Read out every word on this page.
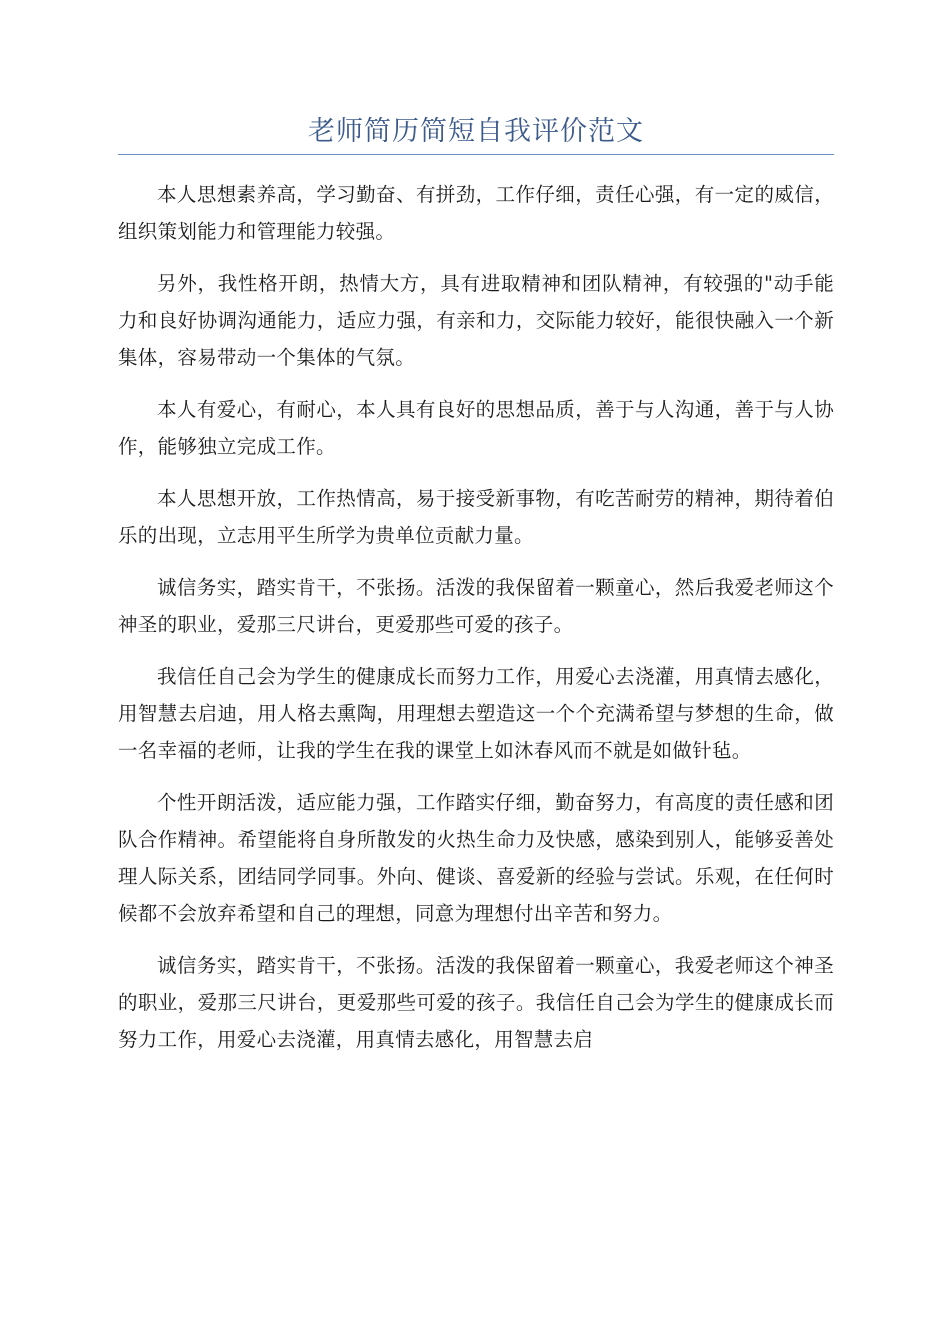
老师简历简短自我评价范文

本人思想素养高，学习勤奋、有拼劲，工作仔细，责任心强，有一定的威信，组织策划能力和管理能力较强。

另外，我性格开朗，热情大方，具有进取精神和团队精神，有较强的"动手能力和良好协调沟通能力，适应力强，有亲和力，交际能力较好，能很快融入一个新集体，容易带动一个集体的气氛。

本人有爱心，有耐心，本人具有良好的思想品质，善于与人沟通，善于与人协作，能够独立完成工作。

本人思想开放，工作热情高，易于接受新事物，有吃苦耐劳的精神，期待着伯乐的出现，立志用平生所学为贵单位贡献力量。

诚信务实，踏实肯干，不张扬。活泼的我保留着一颗童心，然后我爱老师这个神圣的职业，爱那三尺讲台，更爱那些可爱的孩子。

我信任自己会为学生的健康成长而努力工作，用爱心去浇灌，用真情去感化，用智慧去启迪，用人格去熏陶，用理想去塑造这一个个充满希望与梦想的生命，做一名幸福的老师，让我的学生在我的课堂上如沐春风而不就是如做针毡。

个性开朗活泼，适应能力强，工作踏实仔细，勤奋努力，有高度的责任感和团队合作精神。希望能将自身所散发的火热生命力及快感，感染到别人，能够妥善处理人际关系，团结同学同事。外向、健谈、喜爱新的经验与尝试。乐观，在任何时候都不会放弃希望和自己的理想，同意为理想付出辛苦和努力。

诚信务实，踏实肯干，不张扬。活泼的我保留着一颗童心，我爱老师这个神圣的职业，爱那三尺讲台，更爱那些可爱的孩子。我信任自己会为学生的健康成长而努力工作，用爱心去浇灌，用真情去感化，用智慧去启
